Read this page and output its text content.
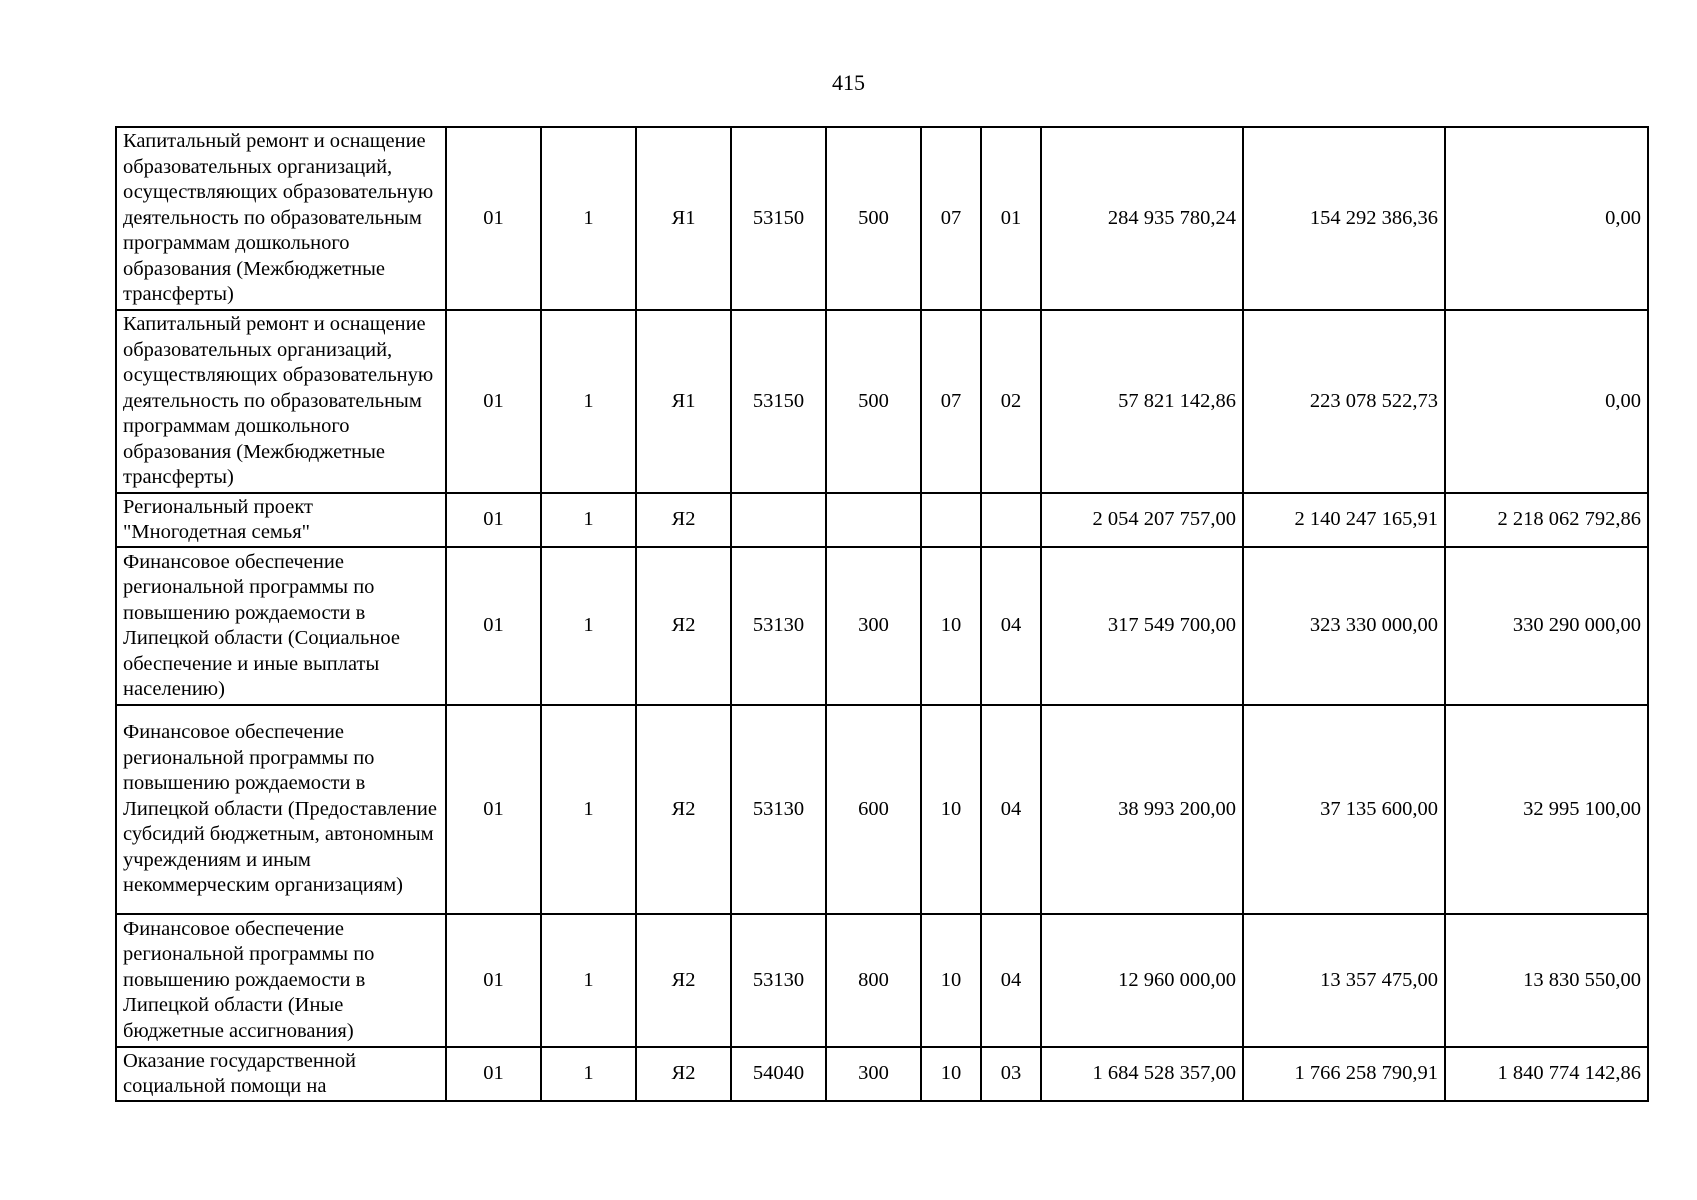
415
Капитальный ремонт и оснащение образовательных организаций, осуществляющих образовательную деятельность по образовательным программам дошкольного образования (Межбюджетные трансферты)	01	1	Я1	53150	500	07	01	284 935 780,24	154 292 386,36	0,00
Капитальный ремонт и оснащение образовательных организаций, осуществляющих образовательную деятельность по образовательным программам дошкольного образования (Межбюджетные трансферты)	01	1	Я1	53150	500	07	02	57 821 142,86	223 078 522,73	0,00
Региональный проект "Многодетная семья"	01	1	Я2					2 054 207 757,00	2 140 247 165,91	2 218 062 792,86
Финансовое обеспечение региональной программы по повышению рождаемости в Липецкой области (Социальное обеспечение и иные выплаты населению)	01	1	Я2	53130	300	10	04	317 549 700,00	323 330 000,00	330 290 000,00
Финансовое обеспечение региональной программы по повышению рождаемости в Липецкой области (Предоставление субсидий бюджетным, автономным учреждениям и иным некоммерческим организациям)	01	1	Я2	53130	600	10	04	38 993 200,00	37 135 600,00	32 995 100,00
Финансовое обеспечение региональной программы по повышению рождаемости в Липецкой области (Иные бюджетные ассигнования)	01	1	Я2	53130	800	10	04	12 960 000,00	13 357 475,00	13 830 550,00
Оказание государственной социальной помощи на	01	1	Я2	54040	300	10	03	1 684 528 357,00	1 766 258 790,91	1 840 774 142,86
